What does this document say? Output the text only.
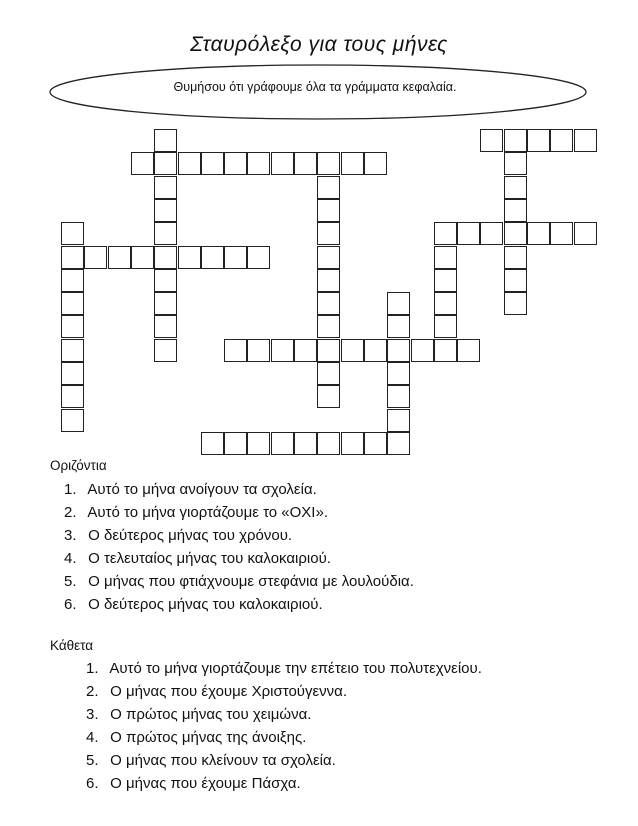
Σταυρόλεξο για τους μήνες
Θυμήσου ότι γράφουμε όλα τα γράμματα κεφαλαία.
Οριζόντια
1. Αυτό το μήνα ανοίγουν τα σχολεία.
2. Αυτό το μήνα γιορτάζουμε το «ΟΧΙ».
3. Ο δεύτερος μήνας του χρόνου.
4. Ο τελευταίος μήνας του καλοκαιριού.
5. Ο μήνας που φτιάχνουμε στεφάνια με λουλούδια.
6. Ο δεύτερος μήνας του καλοκαιριού.
Κάθετα
1. Αυτό το μήνα γιορτάζουμε την επέτειο του πολυτεχνείου.
2. Ο μήνας που έχουμε Χριστούγεννα.
3. Ο πρώτος μήνας του χειμώνα.
4. Ο πρώτος μήνας της άνοιξης.
5. Ο μήνας που κλείνουν τα σχολεία.
6. Ο μήνας που έχουμε Πάσχα.
